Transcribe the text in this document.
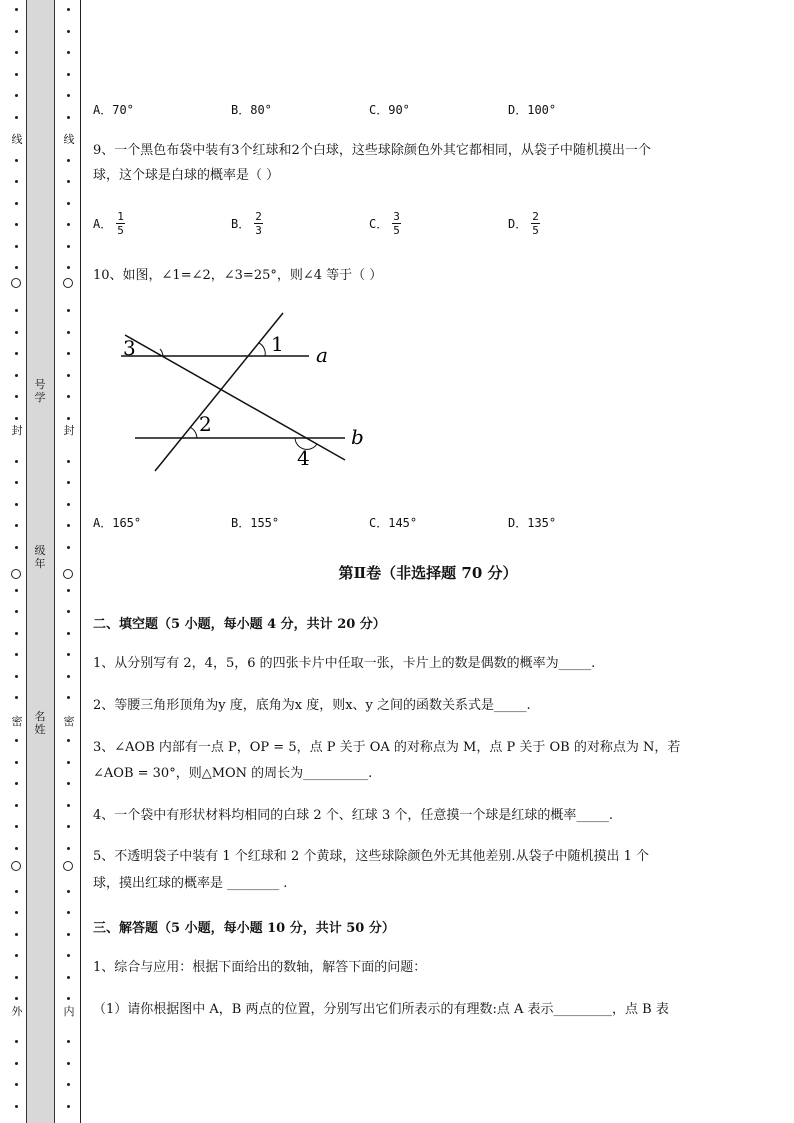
线
封
密
外
线
封
密
内
号
学
级
年
名
姓
A．70°	B．80°	C．90°	D．100°
9、一个黑色布袋中装有3个红球和2个白球，这些球除颜色外其它都相同，从袋子中随机摸出一个
球，这个球是白球的概率是（ ）
A． $\frac{1}{5}$	B． $\frac{2}{3}$	C． $\frac{3}{5}$	D． $\frac{2}{5}$
10、如图，∠1=∠2，∠3=25°，则∠4 等于（ ）
3	1
2
4
a
b
A．165°	B．155°	C．145°	D．135°
第Ⅱ卷（非选择题 70 分）
二、填空题（5 小题，每小题 4 分，共计 20 分）
1、从分别写有 2，4，5，6 的四张卡片中任取一张，卡片上的数是偶数的概率为_____.
2、等腰三角形顶角为y 度，底角为x 度，则x、y 之间的函数关系式是_____.
3、∠AOB 内部有一点 P，OP = 5，点 P 关于 OA 的对称点为 M，点 P 关于 OB 的对称点为 N，若
∠AOB = 30°，则△MON 的周长为__________.
4、一个袋中有形状材料均相同的白球 2 个、红球 3 个，任意摸一个球是红球的概率_____.
5、不透明袋子中装有 1 个红球和 2 个黄球，这些球除颜色外无其他差别.从袋子中随机摸出 1 个
球，摸出红球的概率是 ________ .
三、解答题（5 小题，每小题 10 分，共计 50 分）
1、综合与应用：根据下面给出的数轴，解答下面的问题：
（1）请你根据图中 A，B 两点的位置，分别写出它们所表示的有理数:点 A 表示_________，点 B 表
